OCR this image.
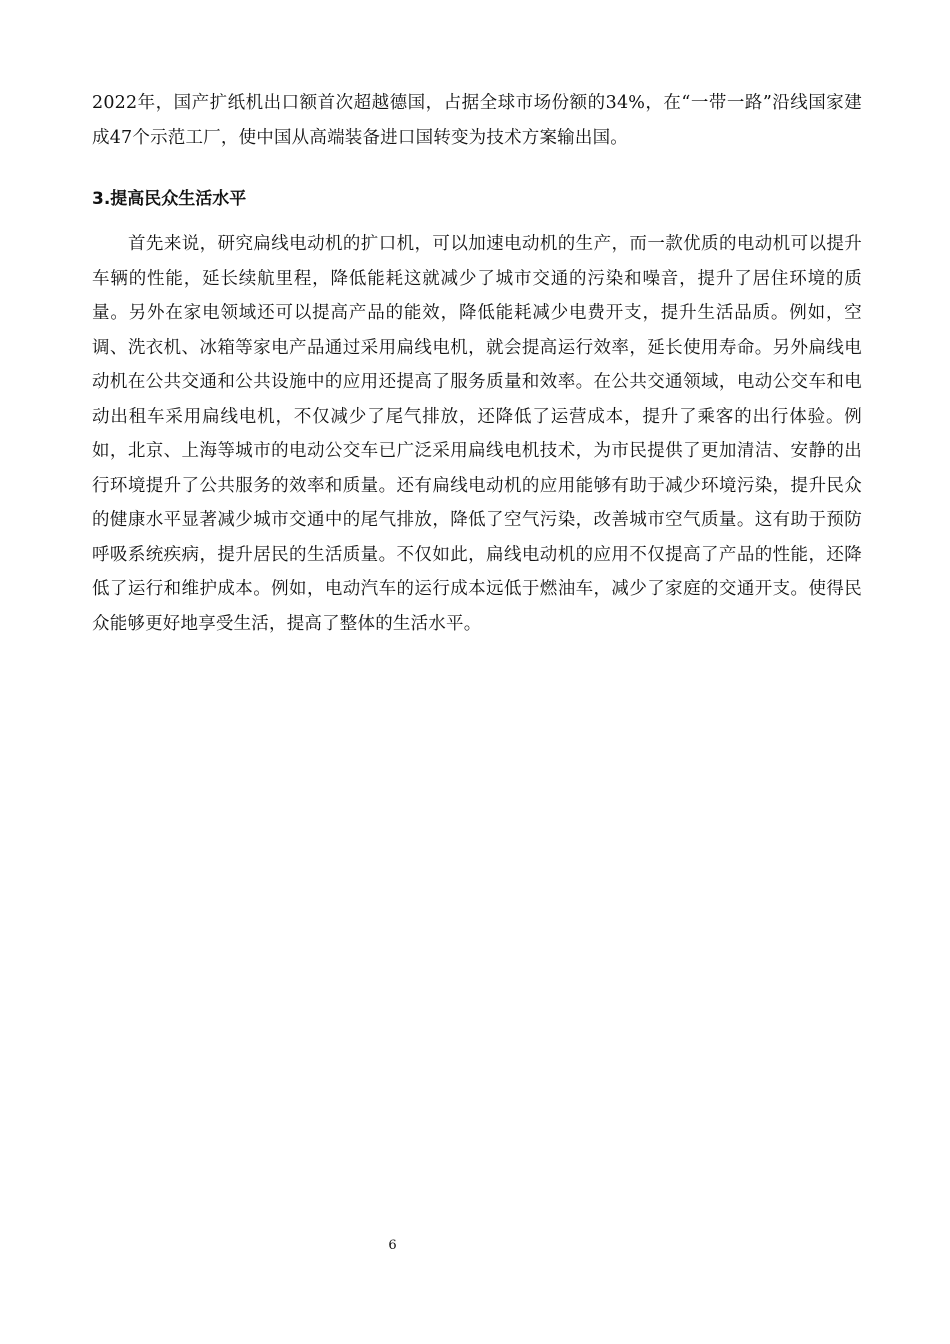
2022年，国产扩纸机出口额首次超越德国，占据全球市场份额的34%，在“一带一路”沿线国家建成47个示范工厂，使中国从高端装备进口国转变为技术方案输出国。

3.提高民众生活水平

首先来说，研究扁线电动机的扩口机，可以加速电动机的生产，而一款优质的电动机可以提升车辆的性能，延长续航里程，降低能耗这就减少了城市交通的污染和噪音，提升了居住环境的质量。另外在家电领域还可以提高产品的能效，降低能耗减少电费开支，提升生活品质。例如，空调、洗衣机、冰箱等家电产品通过采用扁线电机，就会提高运行效率，延长使用寿命。另外扁线电动机在公共交通和公共设施中的应用还提高了服务质量和效率。在公共交通领域，电动公交车和电动出租车采用扁线电机，不仅减少了尾气排放，还降低了运营成本，提升了乘客的出行体验。例如，北京、上海等城市的电动公交车已广泛采用扁线电机技术，为市民提供了更加清洁、安静的出行环境提升了公共服务的效率和质量。还有扁线电动机的应用能够有助于减少环境污染，提升民众的健康水平显著减少城市交通中的尾气排放，降低了空气污染，改善城市空气质量。这有助于预防呼吸系统疾病，提升居民的生活质量。不仅如此，扁线电动机的应用不仅提高了产品的性能，还降低了运行和维护成本。例如，电动汽车的运行成本远低于燃油车，减少了家庭的交通开支。使得民众能够更好地享受生活，提高了整体的生活水平。

6
